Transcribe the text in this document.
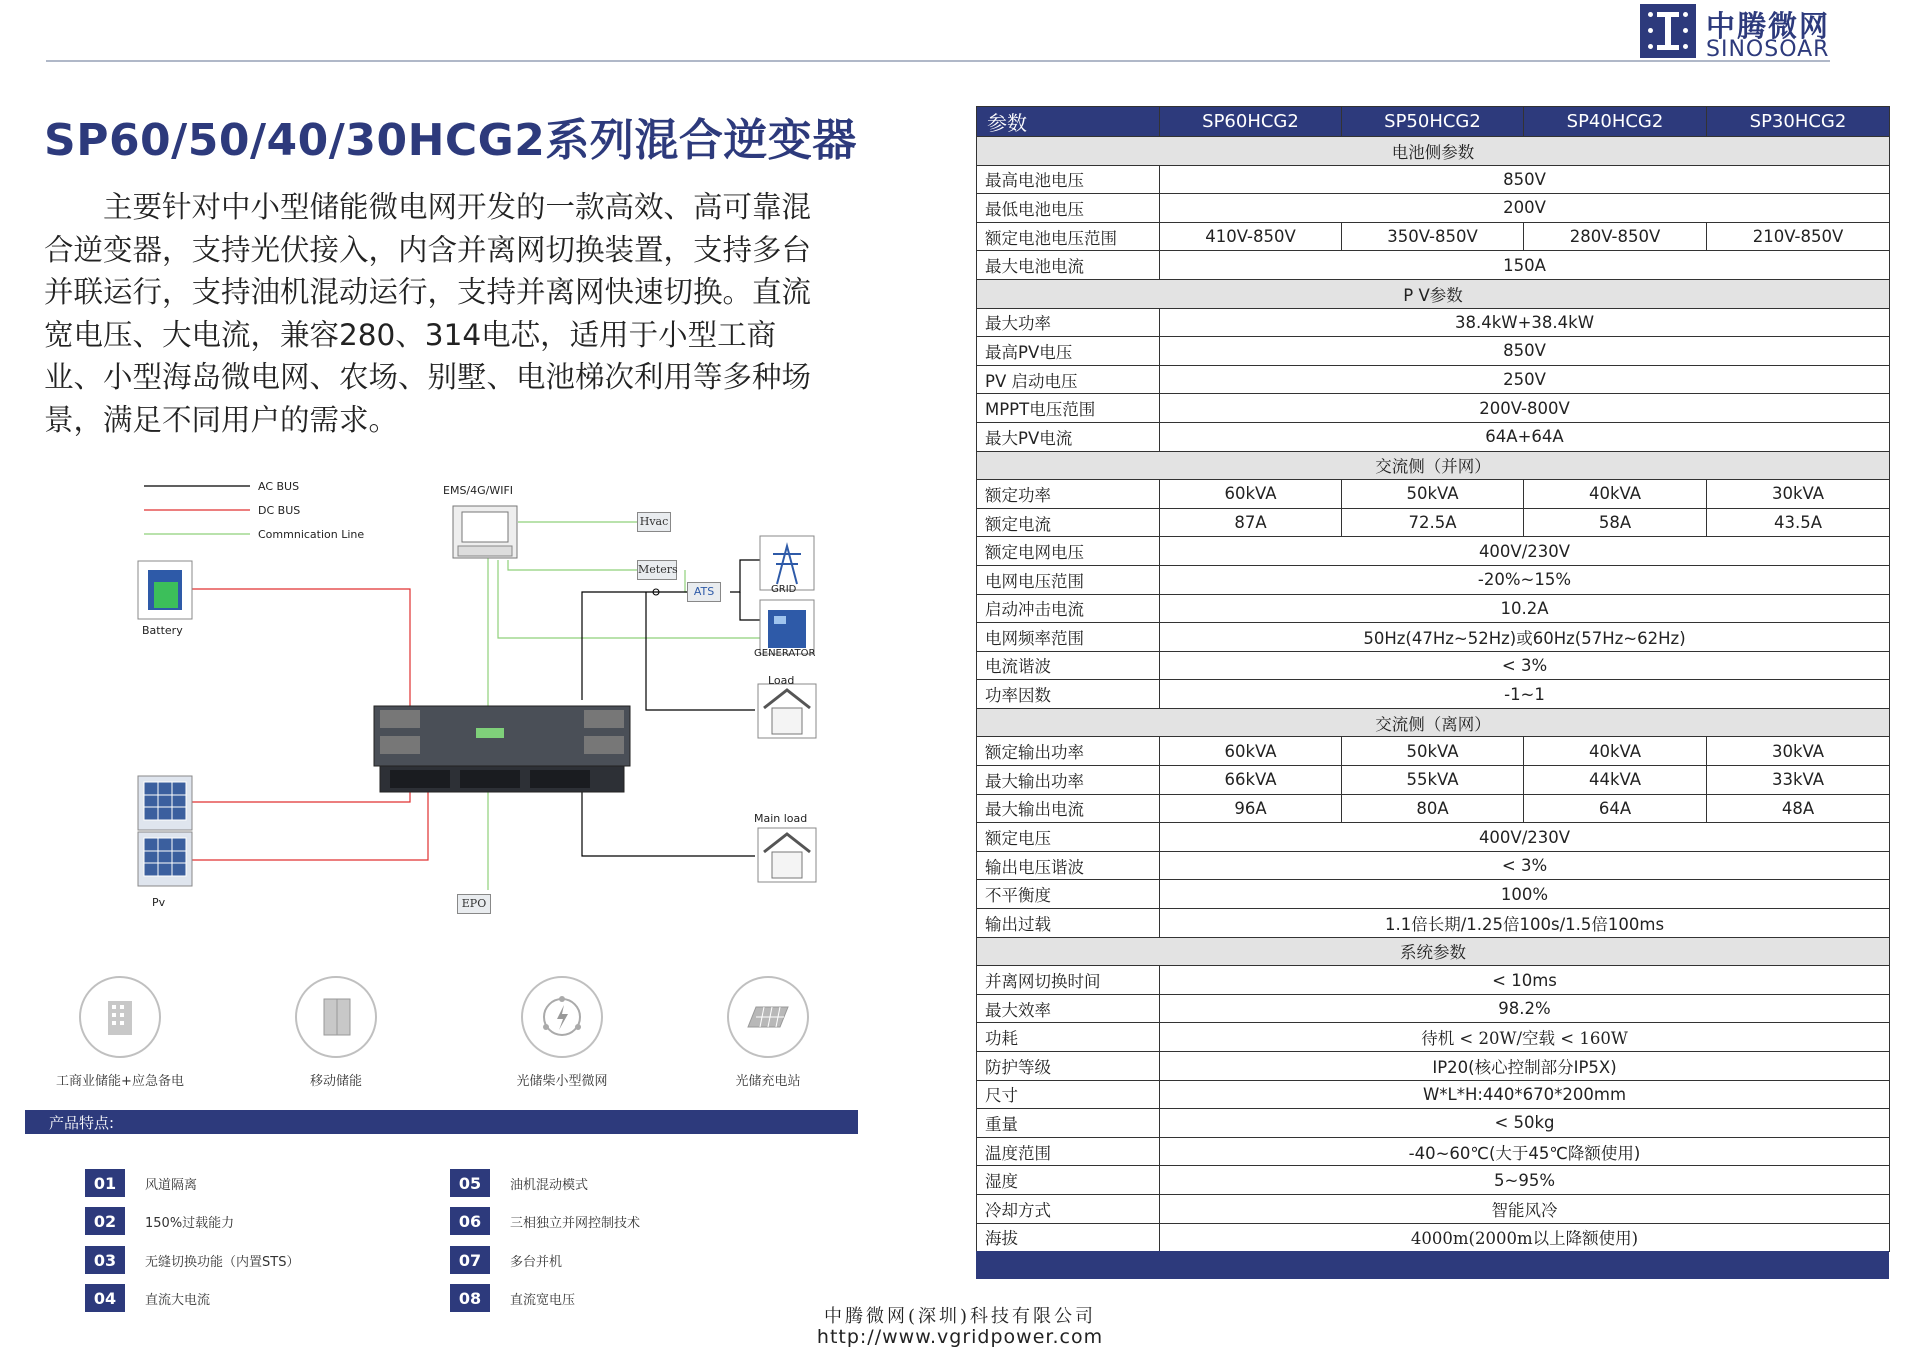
中腾微网
SINOSOAR
SP60/50/40/30HCG2系列混合逆变器
主要针对中小型储能微电网开发的一款高效、高可靠混合逆变器，支持光伏接入，内含并离网切换装置，支持多台并联运行，支持油机混动运行，支持并离网快速切换。直流宽电压、大电流，兼容280、314电芯，适用于小型工商业、小型海岛微电网、农场、别墅、电池梯次利用等多种场景，满足不同用户的需求。
AC BUS
DC BUS
Commnication Line
EMS/4G/WIFI
Hvac
Meters
ATS	GRID
GENERATOR
Load
Main load
Battery
Pv	EPO
工商业储能+应急备电	移动储能	光储柴小型微网	光储充电站
产品特点:
01	风道隔离
02	150%过载能力
03	无缝切换功能（内置STS）
04	直流大电流
05	油机混动模式
06	三相独立并网控制技术
07	多台并机
08	直流宽电压
参数	SP60HCG2	SP50HCG2	SP40HCG2	SP30HCG2
电池侧参数				
最高电池电压	850V			
最低电池电压	200V			
额定电池电压范围	410V-850V	350V-850V	280V-850V	210V-850V
最大电池电流	150A			
P V参数				
最大功率	38.4kW+38.4kW			
最高PV电压	850V			
PV 启动电压	250V			
MPPT电压范围	200V-800V			
最大PV电流	64A+64A			
交流侧（并网）				
额定功率	60kVA	50kVA	40kVA	30kVA
额定电流	87A	72.5A	58A	43.5A
额定电网电压	400V/230V			
电网电压范围	-20%~15%			
启动冲击电流	10.2A			
电网频率范围	50Hz(47Hz~52Hz)或60Hz(57Hz~62Hz)			
电流谐波	< 3%			
功率因数	-1~1			
交流侧（离网）				
额定输出功率	60kVA	50kVA	40kVA	30kVA
最大输出功率	66kVA	55kVA	44kVA	33kVA
最大输出电流	96A	80A	64A	48A
额定电压	400V/230V			
输出电压谐波	< 3%			
不平衡度	100%			
输出过载	1.1倍长期/1.25倍100s/1.5倍100ms			
系统参数				
并离网切换时间	< 10ms			
最大效率	98.2%			
功耗	待机 < 20W/空载 < 160W			
防护等级	IP20(核心控制部分IP5X)			
尺寸	W*L*H:440*670*200mm			
重量	< 50kg			
温度范围	-40~60℃(大于45℃降额使用)			
湿度	5~95%			
冷却方式	智能风冷			
海拔	4000m(2000m以上降额使用)			
中腾微网(深圳)科技有限公司
http://www.vgridpower.com
